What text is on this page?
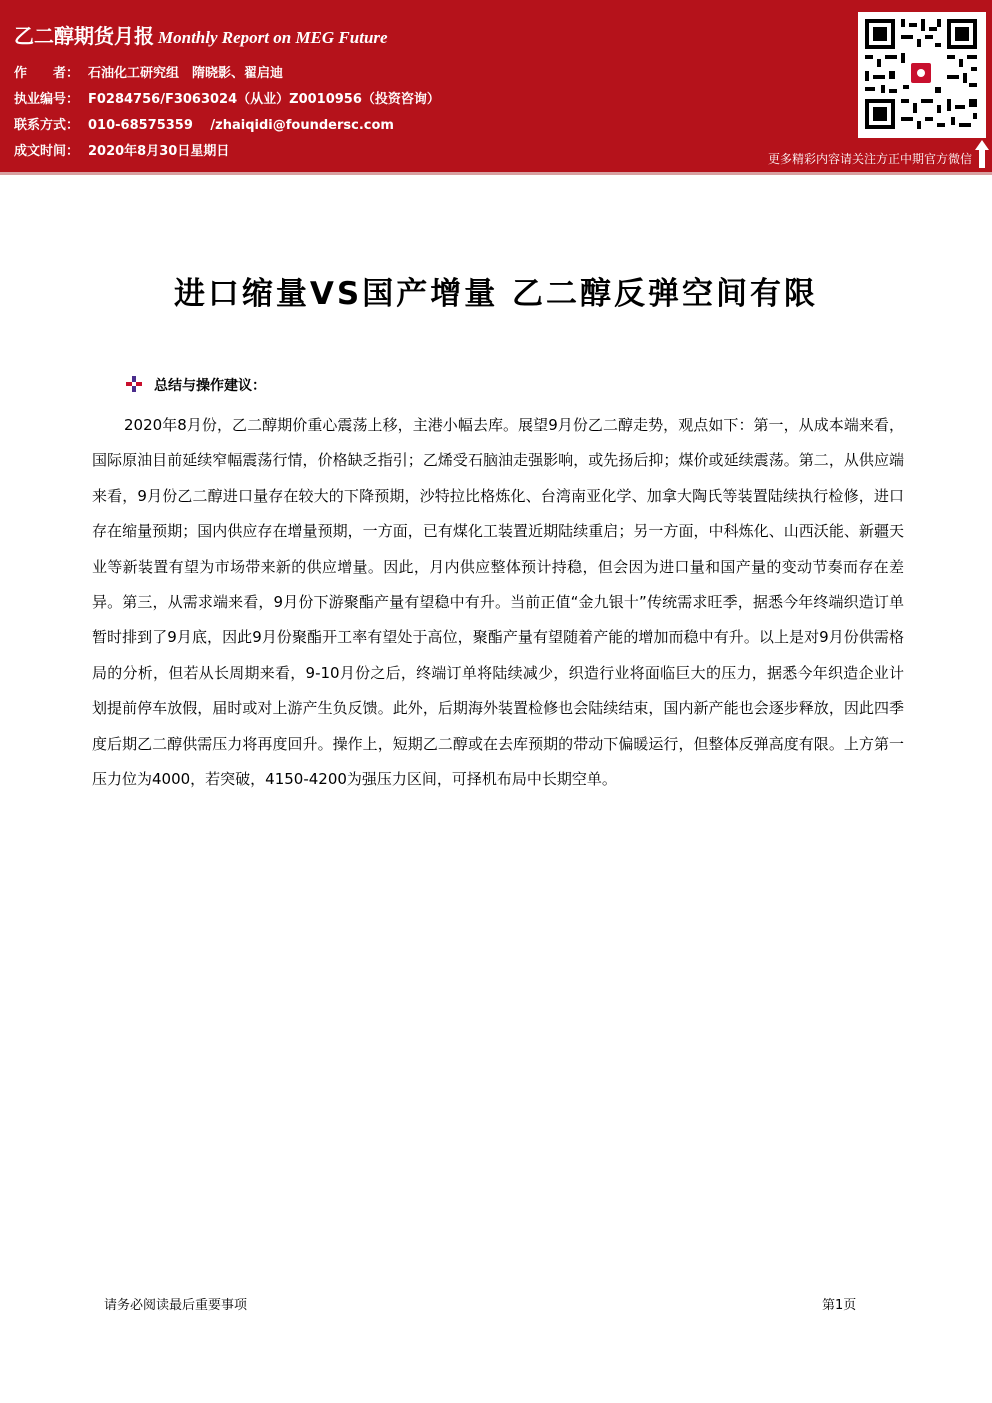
乙二醇期货月报 Monthly Report on MEG Future
作　　者： 石油化工研究组　隋晓影、翟启迪
执业编号： F0284756/F3063024（从业）Z0010956（投资咨询）
联系方式： 010-68575359　 /zhaiqidi@foundersc.com
成文时间： 2020年8月30日星期日	更多精彩内容请关注方正中期官方微信
进口缩量VS国产增量 乙二醇反弹空间有限
总结与操作建议：

2020年8月份，乙二醇期价重心震荡上移，主港小幅去库。展望9月份乙二醇走势，观点如下：第一，从成本端来看，国际原油目前延续窄幅震荡行情，价格缺乏指引；乙烯受石脑油走强影响，或先扬后抑；煤价或延续震荡。第二，从供应端来看，9月份乙二醇进口量存在较大的下降预期，沙特拉比格炼化、台湾南亚化学、加拿大陶氏等装置陆续执行检修，进口存在缩量预期；国内供应存在增量预期，一方面，已有煤化工装置近期陆续重启；另一方面，中科炼化、山西沃能、新疆天业等新装置有望为市场带来新的供应增量。因此，月内供应整体预计持稳，但会因为进口量和国产量的变动节奏而存在差异。第三，从需求端来看，9月份下游聚酯产量有望稳中有升。当前正值“金九银十”传统需求旺季，据悉今年终端织造订单暂时排到了9月底，因此9月份聚酯开工率有望处于高位，聚酯产量有望随着产能的增加而稳中有升。以上是对9月份供需格局的分析，但若从长周期来看，9-10月份之后，终端订单将陆续减少，织造行业将面临巨大的压力，据悉今年织造企业计划提前停车放假，届时或对上游产生负反馈。此外，后期海外装置检修也会陆续结束，国内新产能也会逐步释放，因此四季度后期乙二醇供需压力将再度回升。操作上，短期乙二醇或在去库预期的带动下偏暖运行，但整体反弹高度有限。上方第一压力位为4000，若突破，4150-4200为强压力区间，可择机布局中长期空单。

请务必阅读最后重要事项	第1页
